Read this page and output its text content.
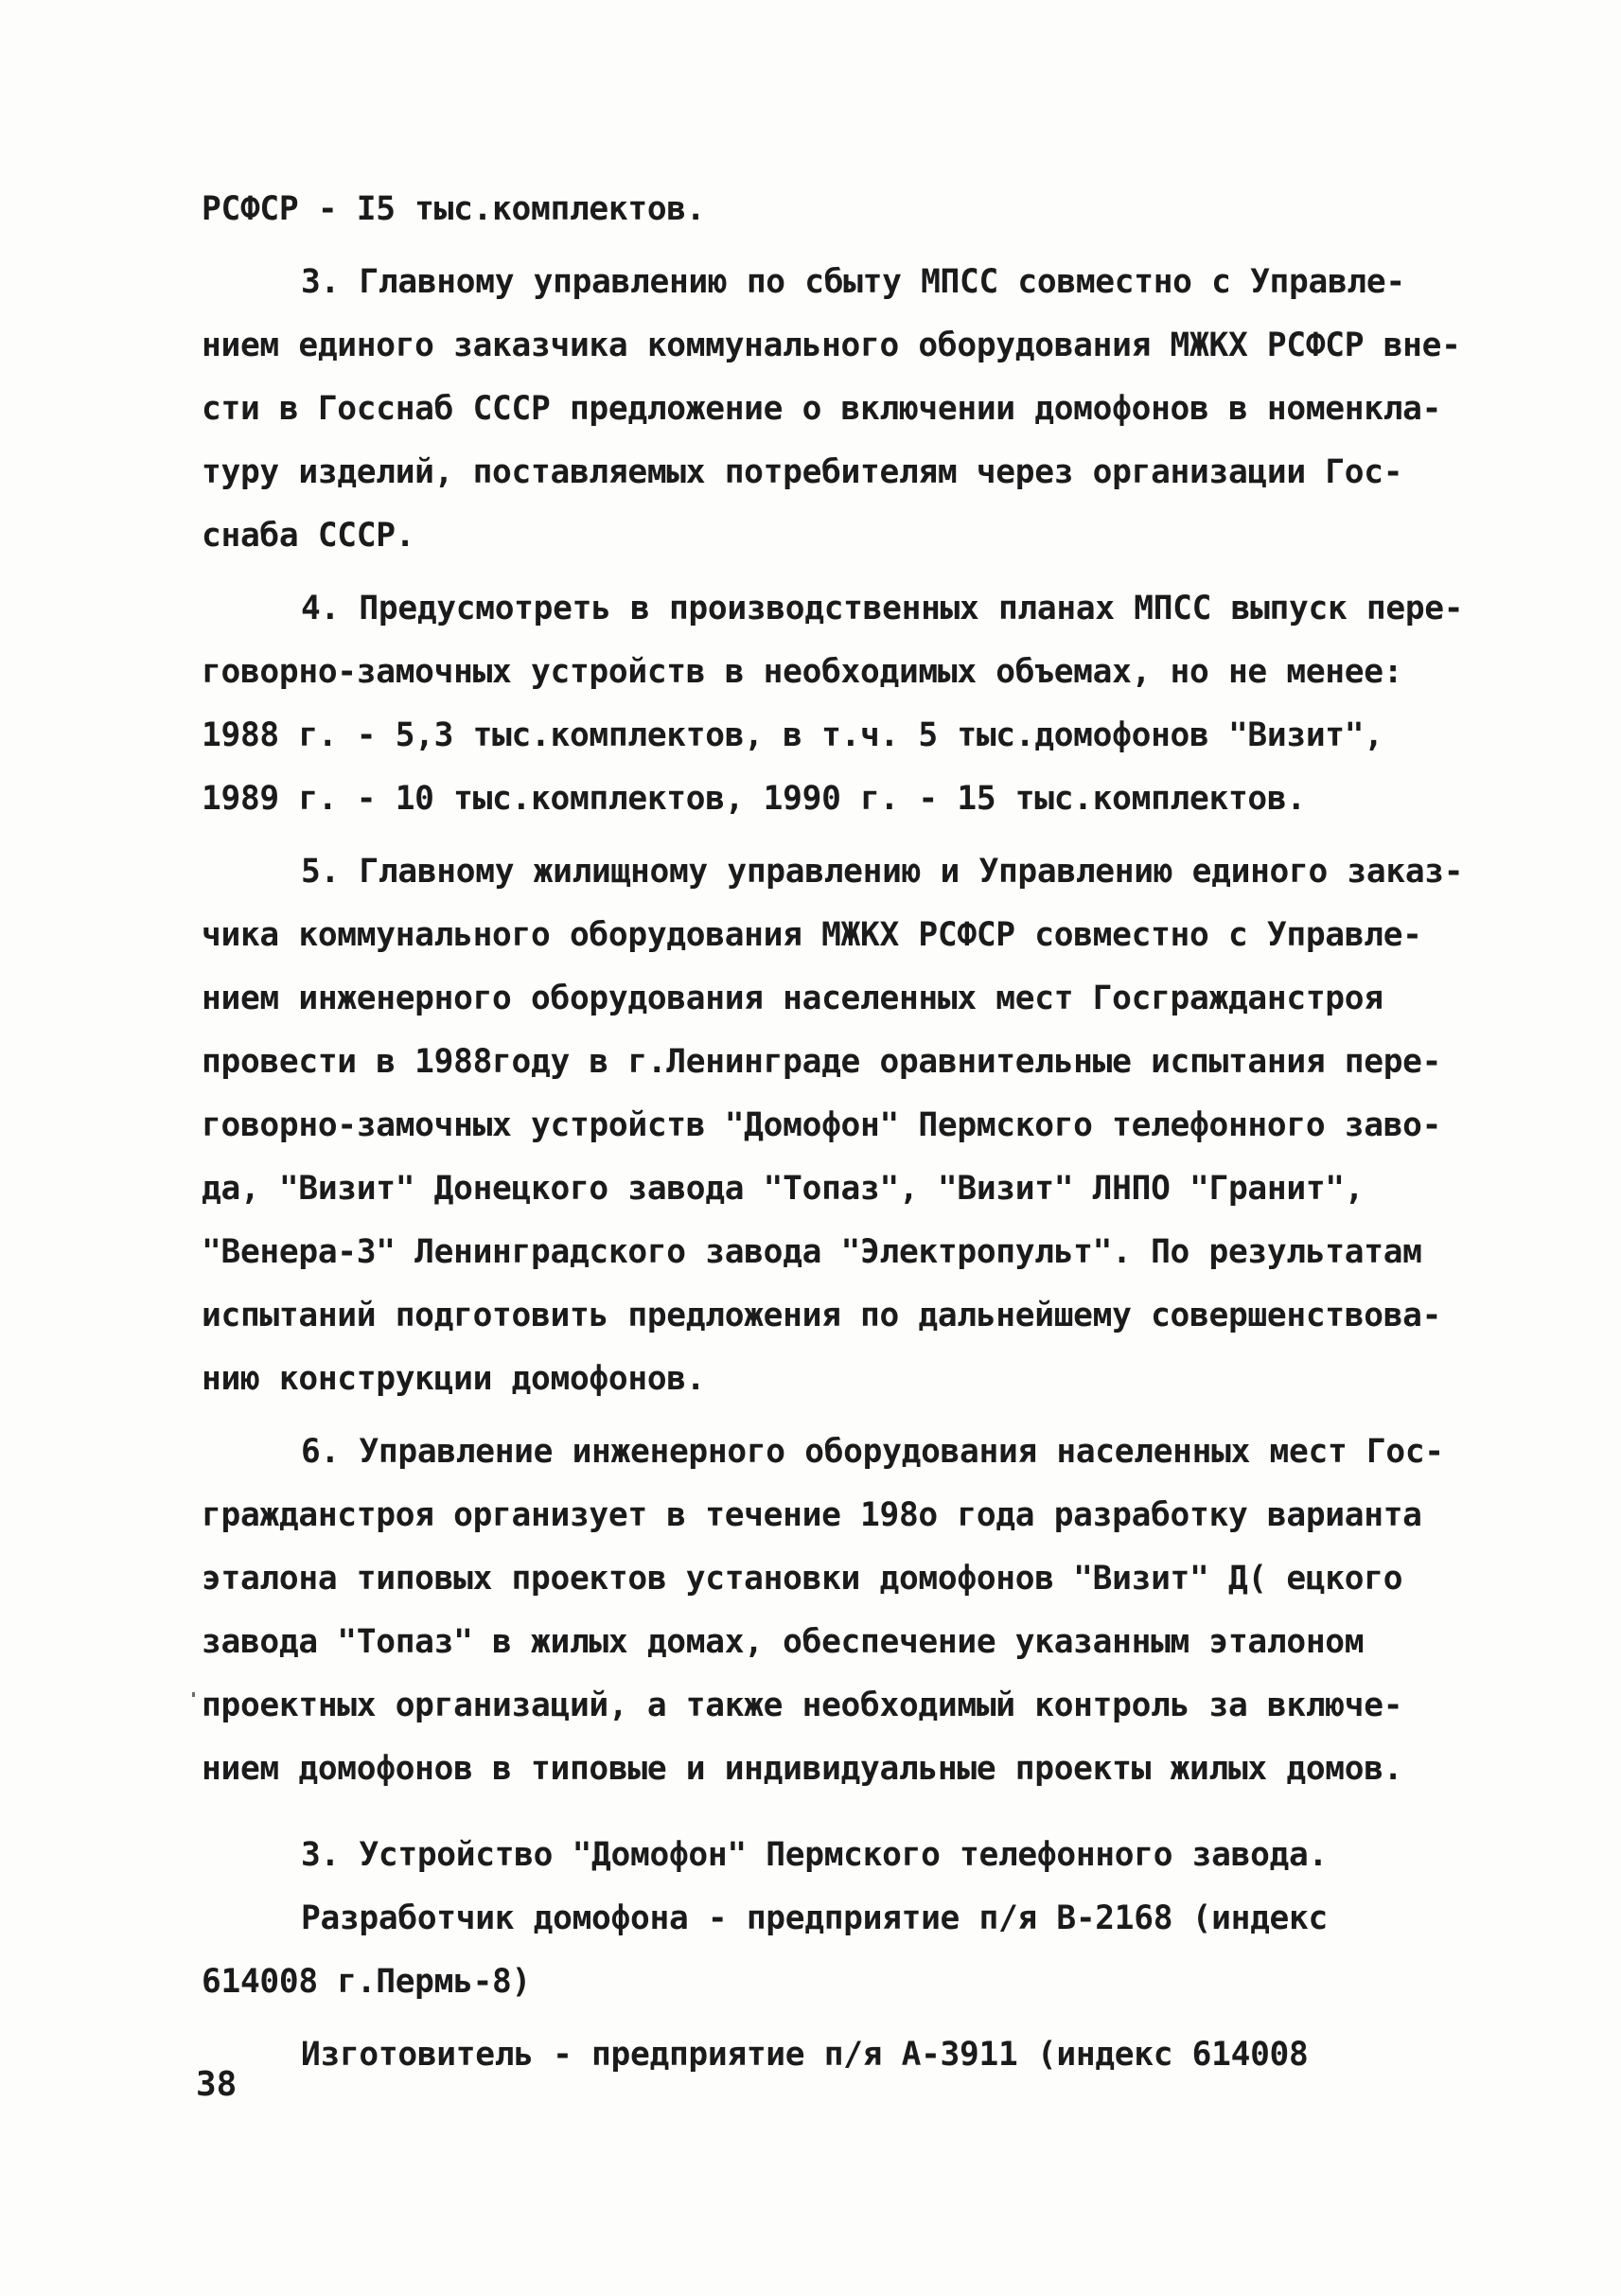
РСФСР - I5 тыс.комплектов.
3. Главному управлению по сбыту МПСС совместно с Управле-
нием единого заказчика коммунального оборудования МЖКХ РСФСР вне-
сти в Госснаб СССР предложение о включении домофонов в номенкла-
туру изделий, поставляемых потребителям через организации Гос-
снаба СССР.
4. Предусмотреть в производственных планах МПСС выпуск пере-
говорно-замочных устройств в необходимых объемах, но не менее:
1988 г. - 5,3 тыс.комплектов, в т.ч. 5 тыс.домофонов "Визит",
1989 г. - 10 тыс.комплектов, 1990 г. - 15 тыс.комплектов.
5. Главному жилищному управлению и Управлению единого заказ-
чика коммунального оборудования МЖКХ РСФСР совместно с Управле-
нием инженерного оборудования населенных мест Госгражданстроя
провести в 1988году в г.Ленинграде оравнительные испытания пере-
говорно-замочных устройств "Домофон" Пермского телефонного заво-
да, "Визит" Донецкого завода "Топаз", "Визит" ЛНПО "Гранит",
"Венера-3" Ленинградского завода "Электропульт". По результатам
испытаний подготовить предложения по дальнейшему совершенствова-
нию конструкции домофонов.
6. Управление инженерного оборудования населенных мест Гос-
гражданстроя организует в течение 198о года разработку варианта
эталона типовых проектов установки домофонов "Визит" Д( ецкого
завода "Топаз" в жилых домах, обеспечение указанным эталоном
проектных организаций, а также необходимый контроль за включе-
нием домофонов в типовые и индивидуальные проекты жилых домов.
3. Устройство "Домофон" Пермского телефонного завода.
Разработчик домофона - предприятие п/я В-2168 (индекс
614008 г.Пермь-8)
Изготовитель - предприятие п/я А-3911 (индекс 614008
38
